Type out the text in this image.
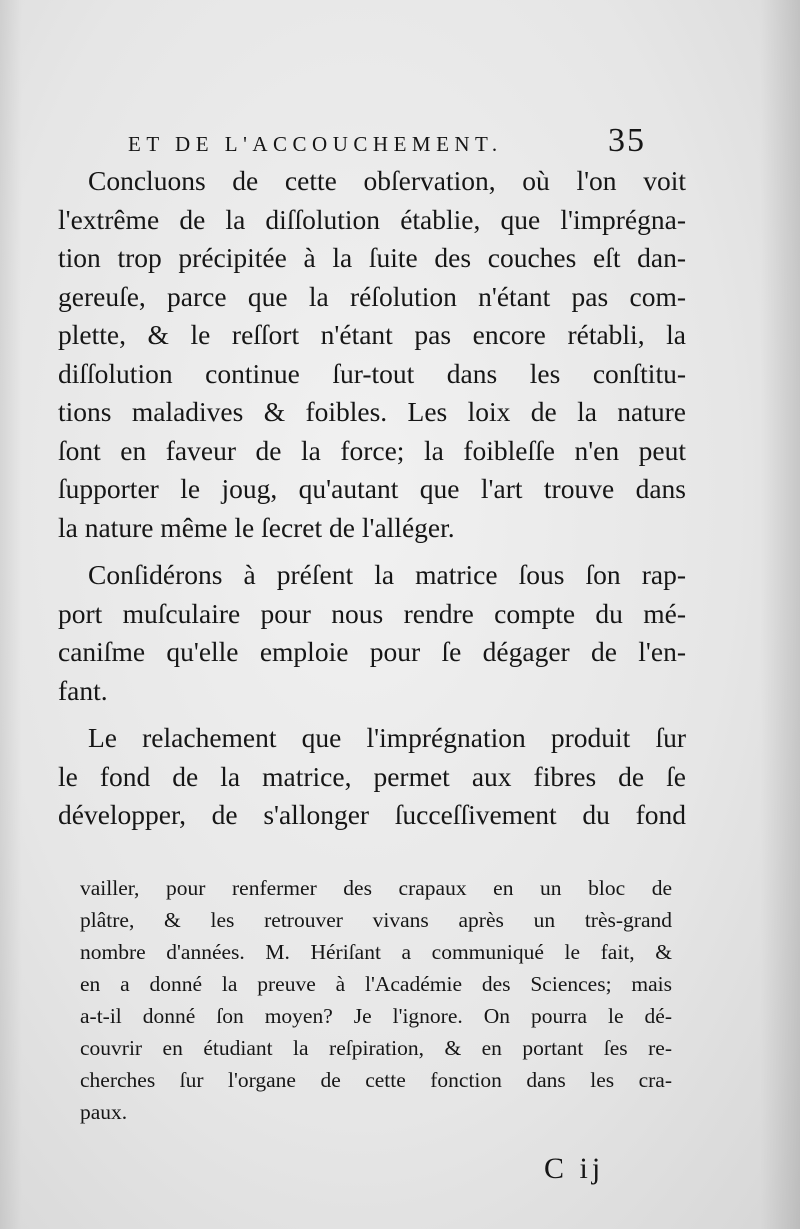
ET DE L'ACCOUCHEMENT.	35
Concluons de cette obſervation, où l'on voit
l'extrême de la diſſolution établie, que l'imprégna-
tion trop précipitée à la ſuite des couches eſt dan-
gereuſe, parce que la réſolution n'étant pas com-
plette, & le reſſort n'étant pas encore rétabli, la
diſſolution continue ſur-tout dans les conſtitu-
tions maladives & foibles. Les loix de la nature
ſont en faveur de la force; la foibleſſe n'en peut
ſupporter le joug, qu'autant que l'art trouve dans
la nature même le ſecret de l'alléger.
Conſidérons à préſent la matrice ſous ſon rap-
port muſculaire pour nous rendre compte du mé-
caniſme qu'elle emploie pour ſe dégager de l'en-
fant.
Le relachement que l'imprégnation produit ſur
le fond de la matrice, permet aux fibres de ſe
développer, de s'allonger ſucceſſivement du fond
vailler, pour renfermer des crapaux en un bloc de
plâtre, & les retrouver vivans après un très-grand
nombre d'années. M. Hériſant a communiqué le fait, &
en a donné la preuve à l'Académie des Sciences; mais
a-t-il donné ſon moyen? Je l'ignore. On pourra le dé-
couvrir en étudiant la reſpiration, & en portant ſes re-
cherches ſur l'organe de cette fonction dans les cra-
paux.
C ij
